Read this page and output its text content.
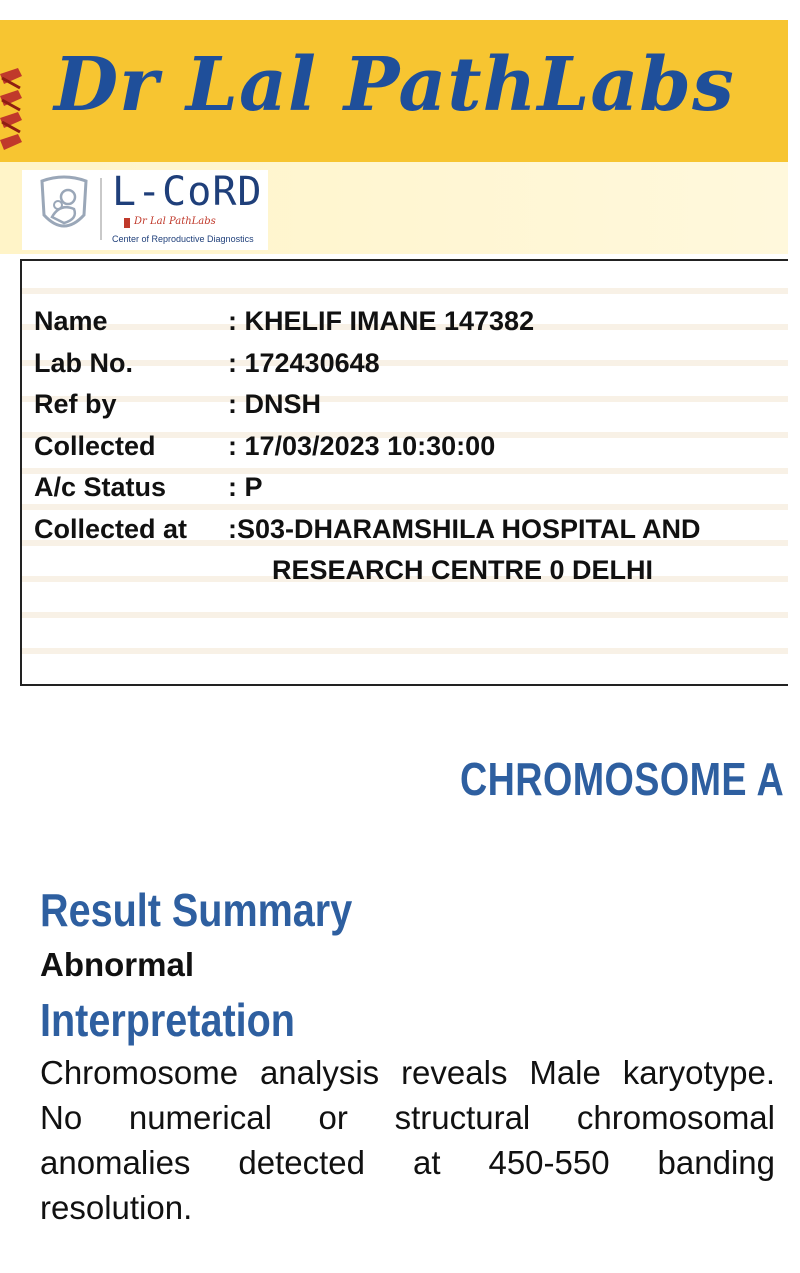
Dr Lal PathLabs
L-CoRD
Dr Lal PathLabs
Center of Reproductive Diagnostics
Name	: KHELIF IMANE 147382
Lab No.	: 172430648
Ref by	: DNSH
Collected	: 17/03/2023 10:30:00
A/c Status : P
Collected at :S03-DHARAMSHILA HOSPITAL AND
RESEARCH CENTRE 0 DELHI
CHROMOSOME A
Result Summary
Abnormal
Interpretation
Chromosome analysis reveals Male karyotype. No numerical or structural chromosomal anomalies detected at 450-550 banding resolution.
